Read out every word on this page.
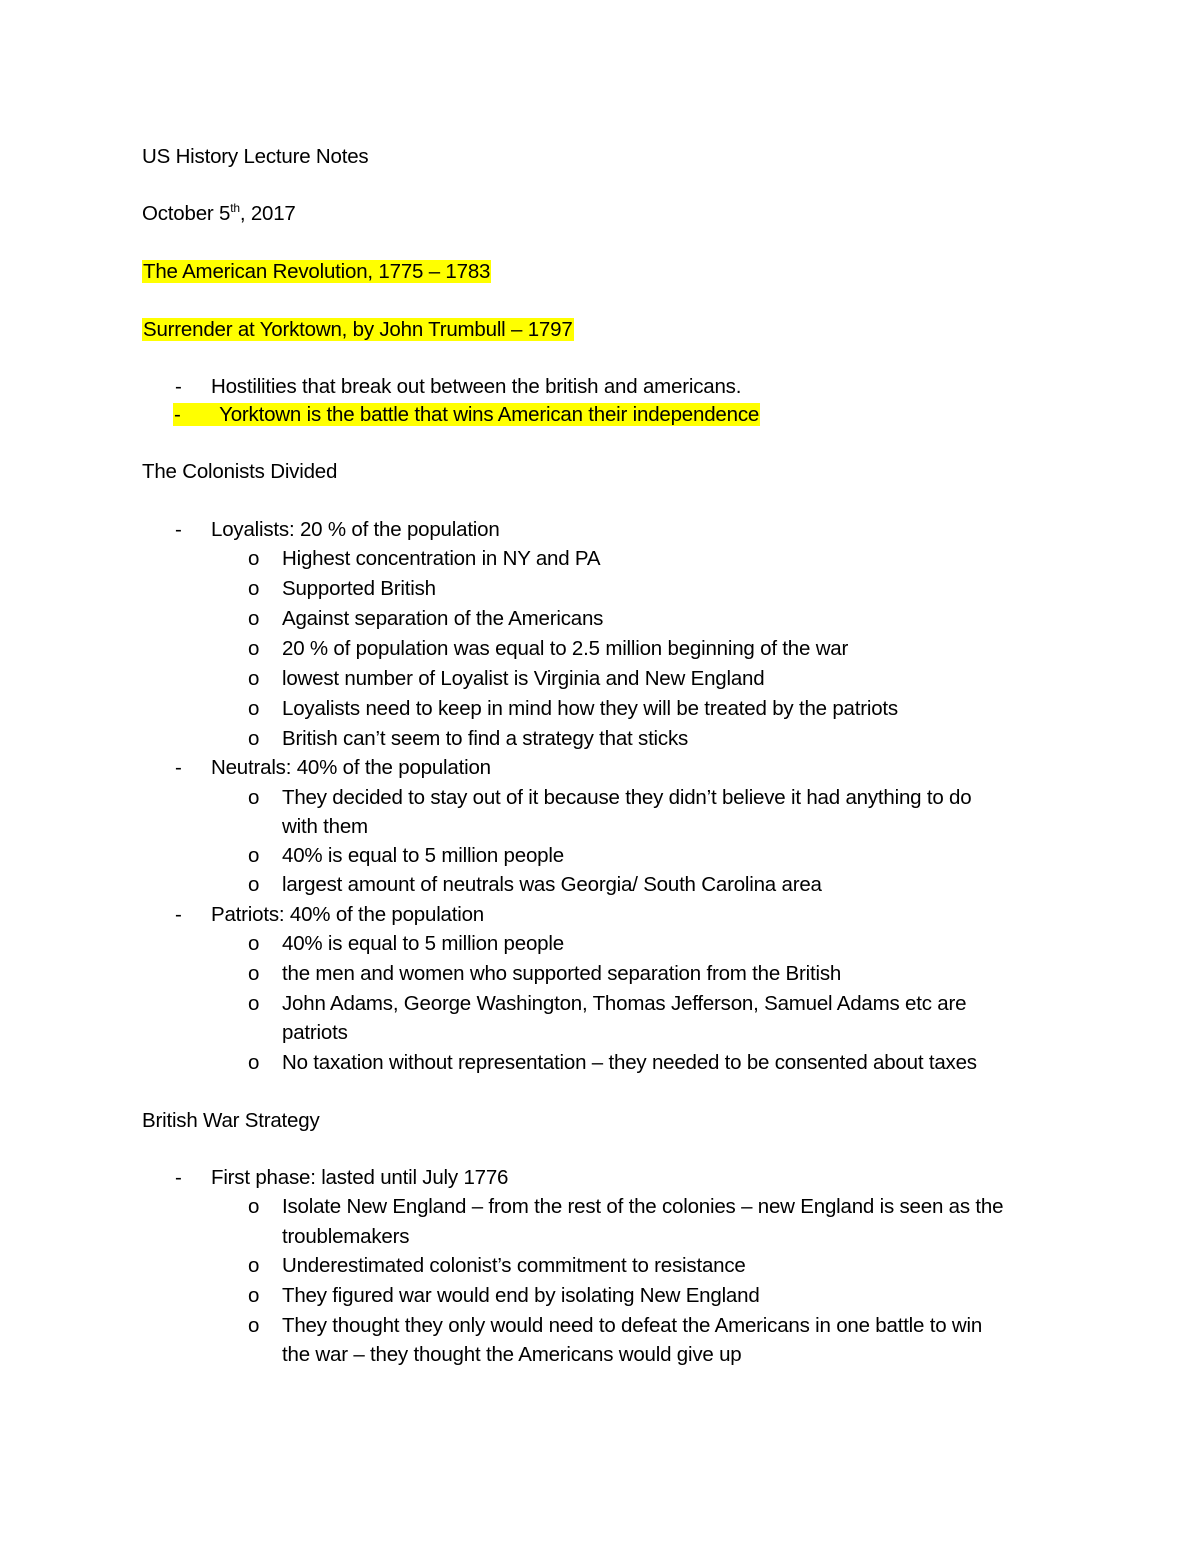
US History Lecture Notes
October 5th, 2017
The American Revolution, 1775 – 1783
Surrender at Yorktown, by John Trumbull – 1797
- Hostilities that break out between the british and americans.
- Yorktown is the battle that wins American their independence
The Colonists Divided
- Loyalists: 20 % of the population
o Highest concentration in NY and PA
o Supported British
o Against separation of the Americans
o 20 % of population was equal to 2.5 million beginning of the war
o lowest number of Loyalist is Virginia and New England
o Loyalists need to keep in mind how they will be treated by the patriots
o British can’t seem to find a strategy that sticks
- Neutrals: 40% of the population
o They decided to stay out of it because they didn’t believe it had anything to do
with them
o 40% is equal to 5 million people
o largest amount of neutrals was Georgia/ South Carolina area
- Patriots: 40% of the population
o 40% is equal to 5 million people
o the men and women who supported separation from the British
o John Adams, George Washington, Thomas Jefferson, Samuel Adams etc are
patriots
o No taxation without representation – they needed to be consented about taxes
British War Strategy
- First phase: lasted until July 1776
o Isolate New England – from the rest of the colonies – new England is seen as the
troublemakers
o Underestimated colonist’s commitment to resistance
o They figured war would end by isolating New England
o They thought they only would need to defeat the Americans in one battle to win
the war – they thought the Americans would give up
